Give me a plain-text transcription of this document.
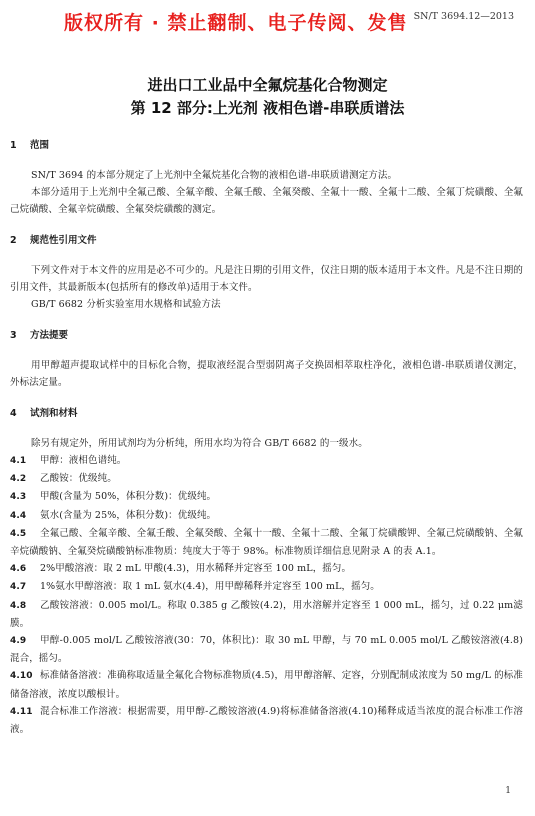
版权所有 · 禁止翻制、电子传阅、发售 SN/T 3694.12—2013
进出口工业品中全氟烷基化合物测定
第 12 部分:上光剂 液相色谱-串联质谱法
1 范围

SN/T 3694 的本部分规定了上光剂中全氟烷基化合物的液相色谱-串联质谱测定方法。

本部分适用于上光剂中全氟己酸、全氟辛酸、全氟壬酸、全氟癸酸、全氟十一酸、全氟十二酸、全氟丁烷磺酸、全氟己烷磺酸、全氟辛烷磺酸、全氟癸烷磺酸的测定。

2 规范性引用文件

下列文件对于本文件的应用是必不可少的。凡是注日期的引用文件，仅注日期的版本适用于本文件。凡是不注日期的引用文件，其最新版本(包括所有的修改单)适用于本文件。

GB/T 6682 分析实验室用水规格和试验方法

3 方法提要

用甲醇超声提取试样中的目标化合物，提取液经混合型弱阴离子交换固相萃取柱净化，液相色谱-串联质谱仪测定，外标法定量。

4 试剂和材料

除另有规定外，所用试剂均为分析纯，所用水均为符合 GB/T 6682 的一级水。

4.1 甲醇：液相色谱纯。

4.2 乙酸铵：优级纯。

4.3 甲酸(含量为 50%，体积分数)：优级纯。

4.4 氨水(含量为 25%，体积分数)：优级纯。

4.5 全氟己酸、全氟辛酸、全氟壬酸、全氟癸酸、全氟十一酸、全氟十二酸、全氟丁烷磺酸钾、全氟己烷磺酸钠、全氟辛烷磺酸钠、全氟癸烷磺酸钠标准物质：纯度大于等于 98%。标准物质详细信息见附录 A 的表 A.1。

4.6 2%甲酸溶液：取 2 mL 甲酸(4.3)，用水稀释并定容至 100 mL，摇匀。

4.7 1%氨水甲醇溶液：取 1 mL 氨水(4.4)，用甲醇稀释并定容至 100 mL，摇匀。

4.8 乙酸铵溶液：0.005 mol/L。称取 0.385 g 乙酸铵(4.2)，用水溶解并定容至 1 000 mL，摇匀，过 0.22 μm滤膜。

4.9 甲醇-0.005 mol/L 乙酸铵溶液(30：70，体积比)：取 30 mL 甲醇，与 70 mL 0.005 mol/L 乙酸铵溶液(4.8)混合，摇匀。

4.10 标准储备溶液：准确称取适量全氟化合物标准物质(4.5)，用甲醇溶解、定容，分别配制成浓度为 50 mg/L 的标准储备溶液，浓度以酸根计。

4.11 混合标准工作溶液：根据需要，用甲醇-乙酸铵溶液(4.9)将标准储备溶液(4.10)稀释成适当浓度的混合标准工作溶液。

1
